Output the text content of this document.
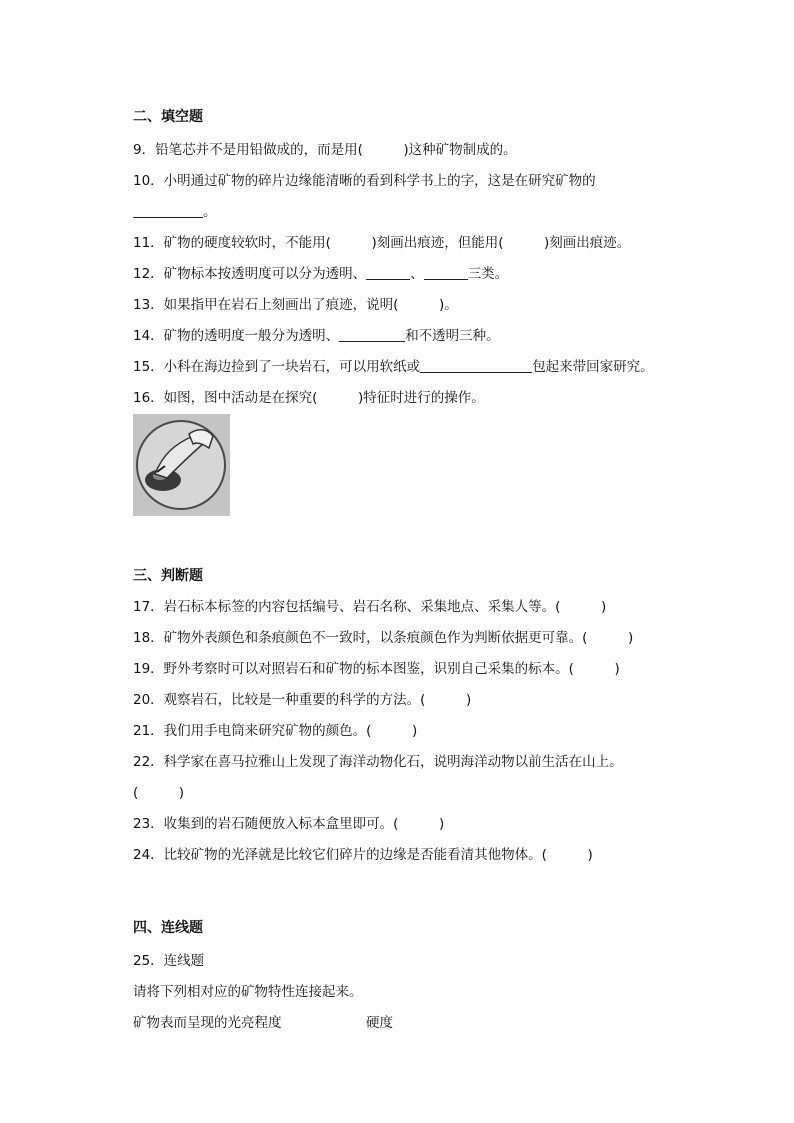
二、填空题
9．铅笔芯并不是用铅做成的，而是用(　　　)这种矿物制成的。
10．小明通过矿物的碎片边缘能清晰的看到科学书上的字，这是在研究矿物的
。
11．矿物的硬度较软时，不能用(　　　)刻画出痕迹，但能用(　　　)刻画出痕迹。
12．矿物标本按透明度可以分为透明、	、	三类。
13．如果指甲在岩石上刻画出了痕迹，说明(　　　)。
14．矿物的透明度一般分为透明、	和不透明三种。
15．小科在海边捡到了一块岩石，可以用软纸或	包起来带回家研究。
16．如图，图中活动是在探究(　　　)特征时进行的操作。
三、判断题
17．岩石标本标签的内容包括编号、岩石名称、采集地点、采集人等。(　　　)
18．矿物外表颜色和条痕颜色不一致时，以条痕颜色作为判断依据更可靠。(　　　)
19．野外考察时可以对照岩石和矿物的标本图鉴，识别自己采集的标本。(　　　)
20．观察岩石，比较是一种重要的科学的方法。(　　　)
21．我们用手电筒来研究矿物的颜色。(　　　)
22．科学家在喜马拉雅山上发现了海洋动物化石，说明海洋动物以前生活在山上。
(　　　)
23．收集到的岩石随便放入标本盒里即可。(　　　)
24．比较矿物的光泽就是比较它们碎片的边缘是否能看清其他物体。(　　　)
四、连线题
25．连线题
请将下列相对应的矿物特性连接起来。
矿物表而呈现的光亮程度	硬度
